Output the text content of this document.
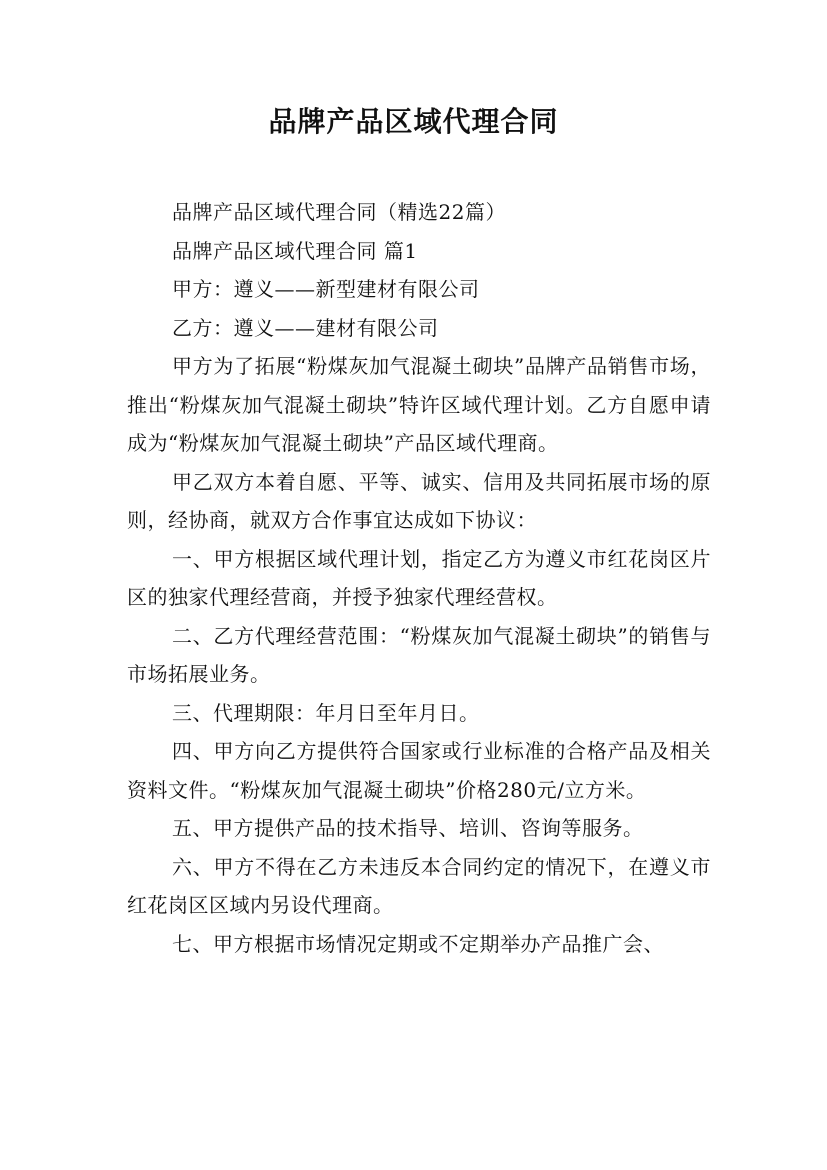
品牌产品区域代理合同

品牌产品区域代理合同（精选22篇）

品牌产品区域代理合同 篇1

甲方：遵义——新型建材有限公司

乙方：遵义——建材有限公司

甲方为了拓展“粉煤灰加气混凝土砌块”品牌产品销售市场，推出“粉煤灰加气混凝土砌块”特许区域代理计划。乙方自愿申请成为“粉煤灰加气混凝土砌块”产品区域代理商。

甲乙双方本着自愿、平等、诚实、信用及共同拓展市场的原则，经协商，就双方合作事宜达成如下协议：

一、甲方根据区域代理计划，指定乙方为遵义市红花岗区片区的独家代理经营商，并授予独家代理经营权。

二、乙方代理经营范围：“粉煤灰加气混凝土砌块”的销售与市场拓展业务。

三、代理期限：年月日至年月日。

四、甲方向乙方提供符合国家或行业标准的合格产品及相关资料文件。“粉煤灰加气混凝土砌块”价格280元/立方米。

五、甲方提供产品的技术指导、培训、咨询等服务。

六、甲方不得在乙方未违反本合同约定的情况下，在遵义市红花岗区区域内另设代理商。

七、甲方根据市场情况定期或不定期举办产品推广会、
